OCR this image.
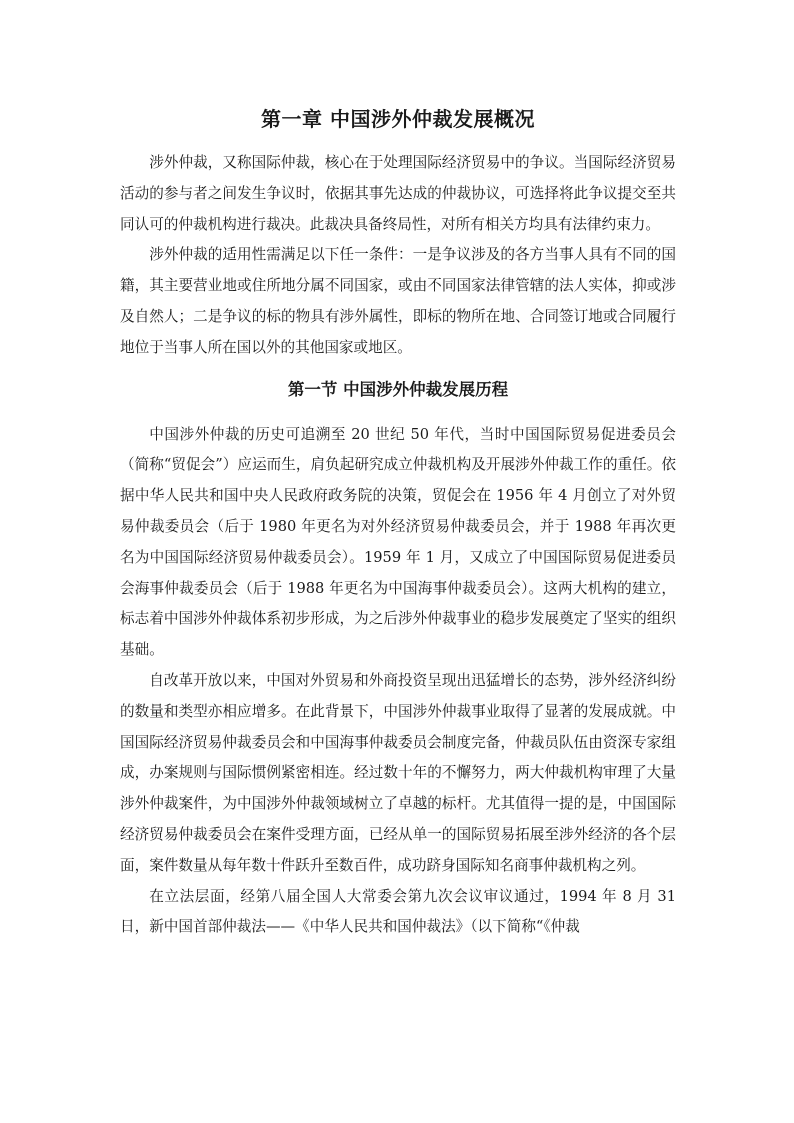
第一章 中国涉外仲裁发展概况

涉外仲裁，又称国际仲裁，核心在于处理国际经济贸易中的争议。当国际经济贸易活动的参与者之间发生争议时，依据其事先达成的仲裁协议，可选择将此争议提交至共同认可的仲裁机构进行裁决。此裁决具备终局性，对所有相关方均具有法律约束力。

涉外仲裁的适用性需满足以下任一条件：一是争议涉及的各方当事人具有不同的国籍，其主要营业地或住所地分属不同国家，或由不同国家法律管辖的法人实体，抑或涉及自然人；二是争议的标的物具有涉外属性，即标的物所在地、合同签订地或合同履行地位于当事人所在国以外的其他国家或地区。

第一节 中国涉外仲裁发展历程

中国涉外仲裁的历史可追溯至 20 世纪 50 年代，当时中国国际贸易促进委员会（简称“贸促会”）应运而生，肩负起研究成立仲裁机构及开展涉外仲裁工作的重任。依据中华人民共和国中央人民政府政务院的决策，贸促会在 1956 年 4 月创立了对外贸易仲裁委员会（后于 1980 年更名为对外经济贸易仲裁委员会，并于 1988 年再次更名为中国国际经济贸易仲裁委员会）。1959 年 1 月，又成立了中国国际贸易促进委员会海事仲裁委员会（后于 1988 年更名为中国海事仲裁委员会）。这两大机构的建立，标志着中国涉外仲裁体系初步形成，为之后涉外仲裁事业的稳步发展奠定了坚实的组织基础。

自改革开放以来，中国对外贸易和外商投资呈现出迅猛增长的态势，涉外经济纠纷的数量和类型亦相应增多。在此背景下，中国涉外仲裁事业取得了显著的发展成就。中国国际经济贸易仲裁委员会和中国海事仲裁委员会制度完备，仲裁员队伍由资深专家组成，办案规则与国际惯例紧密相连。经过数十年的不懈努力，两大仲裁机构审理了大量涉外仲裁案件，为中国涉外仲裁领域树立了卓越的标杆。尤其值得一提的是，中国国际经济贸易仲裁委员会在案件受理方面，已经从单一的国际贸易拓展至涉外经济的各个层面，案件数量从每年数十件跃升至数百件，成功跻身国际知名商事仲裁机构之列。

在立法层面，经第八届全国人大常委会第九次会议审议通过，1994 年 8 月 31 日，新中国首部仲裁法——《中华人民共和国仲裁法》（以下简称“《仲裁
